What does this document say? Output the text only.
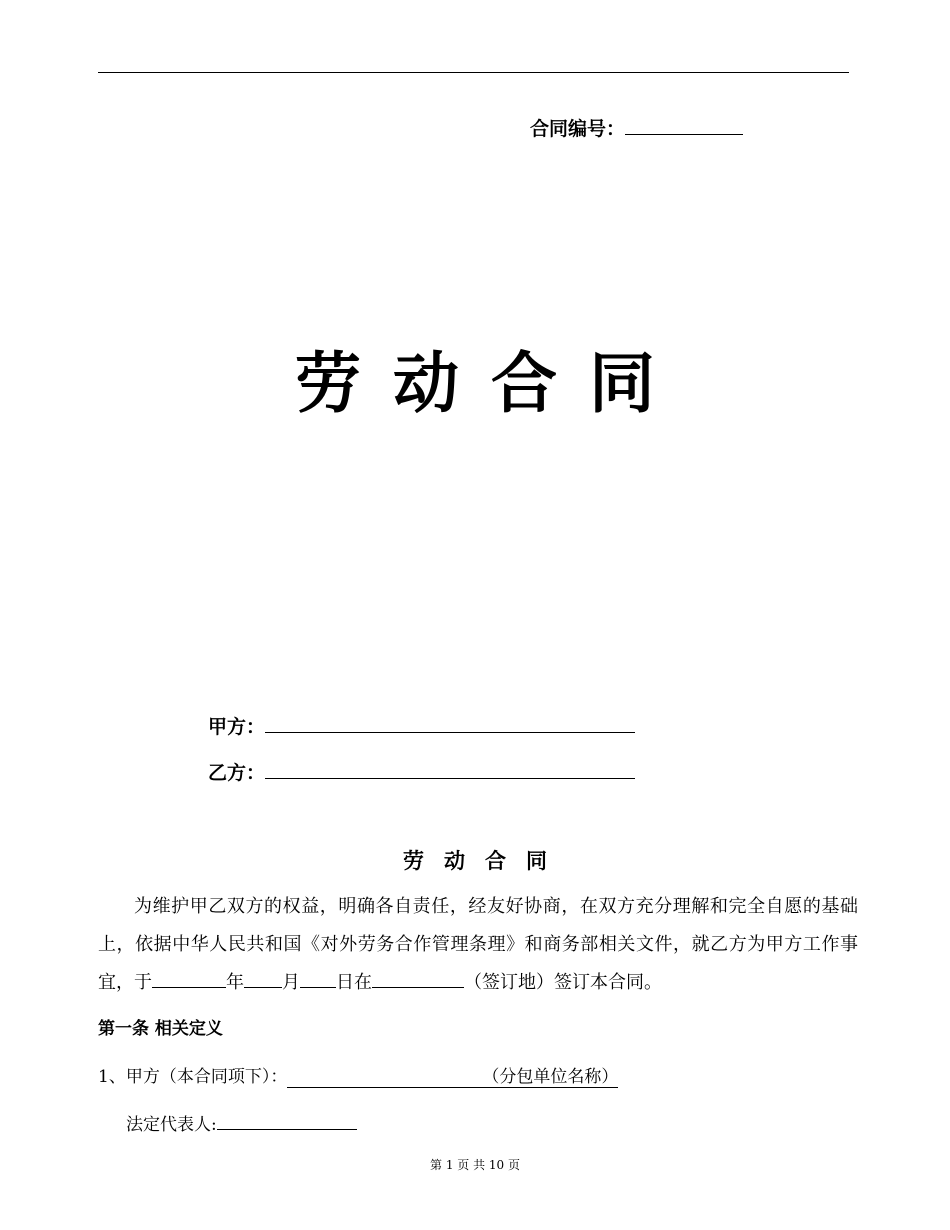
合同编号：
劳动合同
甲方：
乙方：
劳动合同
为维护甲乙双方的权益，明确各自责任，经友好协商，在双方充分理解和完全自愿的基础上，依据中华人民共和国《对外劳务合作管理条理》和商务部相关文件，就乙方为甲方工作事宜，于	年 月 日在	（签订地）签订本合同。
第一条 相关定义
1、甲方（本合同项下）：	（分包单位名称）
法定代表人:
第 1 页 共 10 页
